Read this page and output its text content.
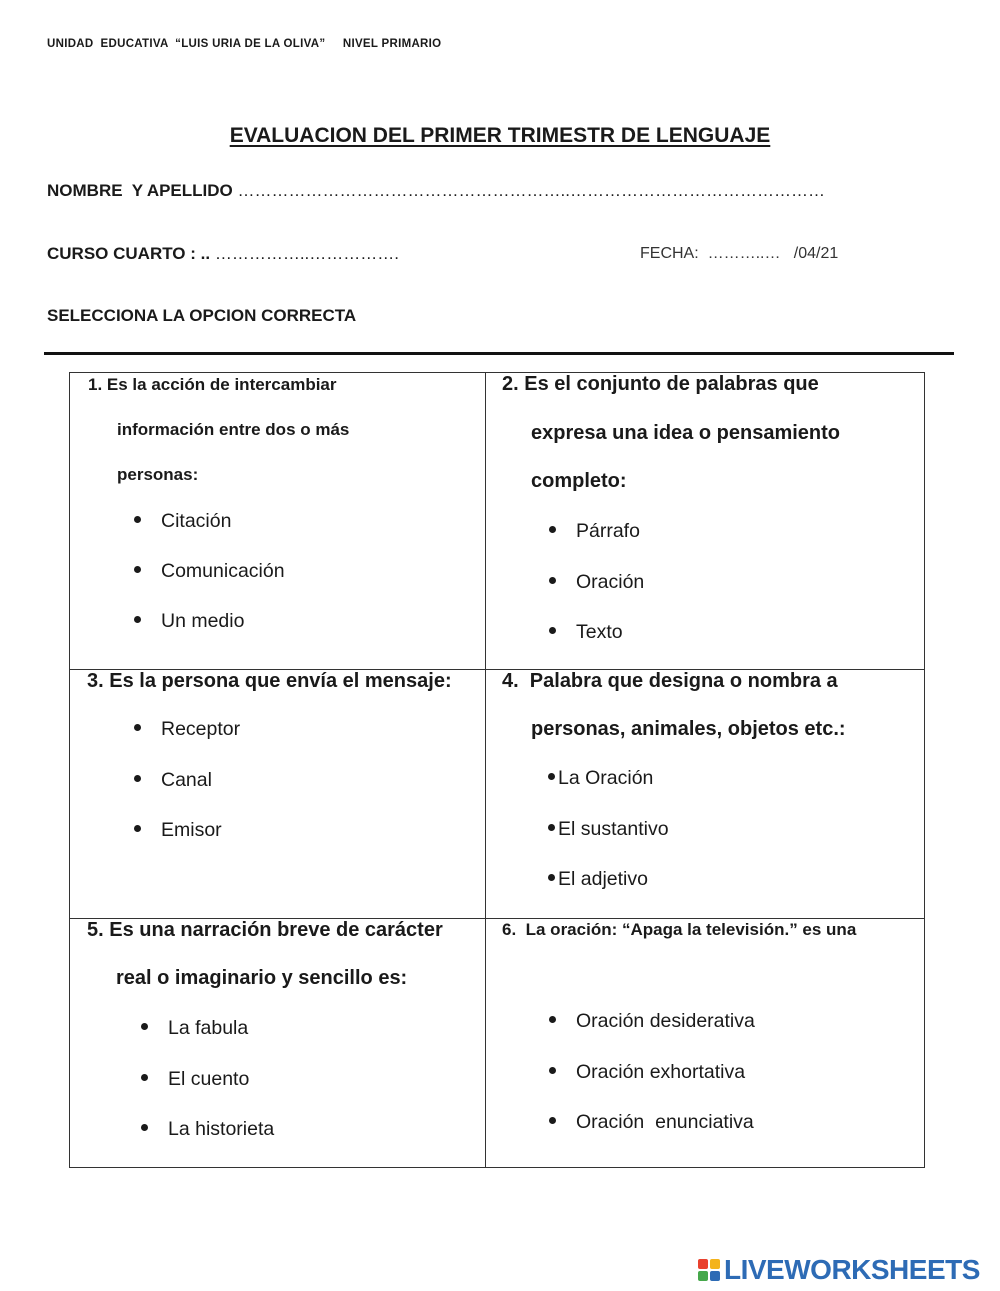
UNIDAD  EDUCATIVA  “LUIS URIA DE LA OLIVA”     NIVEL PRIMARIO
EVALUACION DEL PRIMER TRIMESTR DE LENGUAJE
NOMBRE  Y APELLIDO …………………………………………………..………………………………………
CURSO CUARTO : .. ……………..…………….	FECHA:  ………..…   /04/21
SELECCIONA LA OPCION CORRECTA
1. Es la acción de intercambiar
información entre dos o más
personas:
Citación
Comunicación
Un medio
2. Es el conjunto de palabras que
expresa una idea o pensamiento
completo:
Párrafo
Oración
Texto
3. Es la persona que envía el mensaje:
Receptor
Canal
Emisor
4.  Palabra que designa o nombra a
personas, animales, objetos etc.:
La Oración
El sustantivo
El adjetivo
5. Es una narración breve de carácter
real o imaginario y sencillo es:
La fabula
El cuento
La historieta
6.  La oración: “Apaga la televisión.” es una
Oración desiderativa
Oración exhortativa
Oración  enunciativa
LIVEWORKSHEETS
